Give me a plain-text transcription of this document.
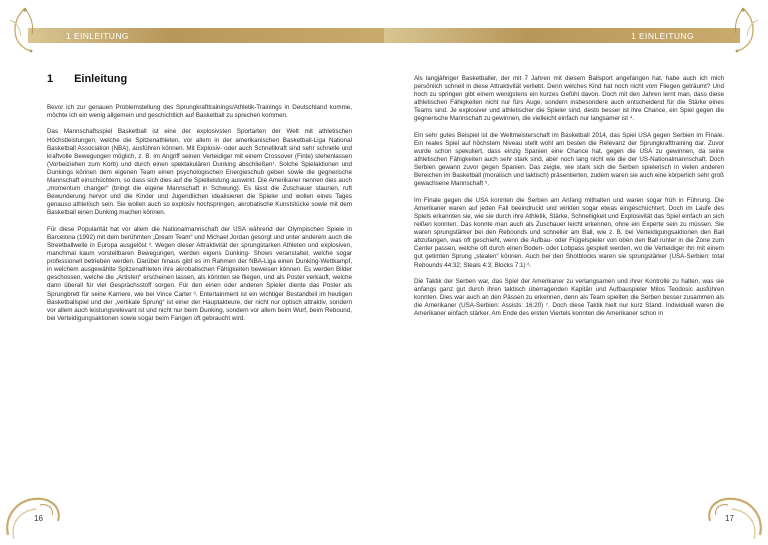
1 EINLEITUNG
1 Einleitung

Bevor ich zur genauen Problemstellung des Sprungkrafttrainings/Athletik-Trainings in Deutschland komme, möchte ich ein wenig allgemein und geschichtlich auf Basketball zu sprechen kommen.

Das Mannschaftsspiel Basketball ist eine der explosivsten Sportarten der Welt mit athletischen Höchstleistungen, welche die Spitzenathleten, vor allem in der amerikanischen Basketball-Liga National Basketball Association (NBA), ausführen können. Mit Explosiv- oder auch Schnellkraft sind sehr schnelle und kraftvolle Bewegungen möglich, z. B. im Angriff seinen Verteidiger mit einem Crossover (Finte) stehenlassen (Vorbeiziehen zum Korb) und durch einen spektakulären Dunking abschließen¹. Solche Spielaktionen und Dunkings können dem eigenen Team einen psychologischen Energieschub geben sowie die gegnerische Mannschaft einschüchtern, so dass sich dies auf die Spielleistung auswirkt. Die Amerikaner nennen dies auch „momentum changer“ (bringt die eigene Mannschaft in Schwung). Es lässt die Zuschauer staunen, ruft Bewunderung hervor und die Kinder und Jugendlichen idealisieren die Spieler und wollen eines Tages genauso athletisch sein. Sie wollen auch so explosiv hochspringen, akrobatische Kunststücke sowie mit dem Basketball einen Dunking machen können.

Für diese Popularität hat vor allem die Nationalmannschaft der USA während der Olympischen Spiele in Barcelona (1992) mit dem berühmten „Dream Team“ und Michael Jordan gesorgt und unter anderem auch die Streetballwelle in Europa ausgelöst ². Wegen dieser Attraktivität der sprungstarken Athleten und explosiven, manchmal kaum vorstellbaren Bewegungen, werden eigens Dunking- Shows veranstaltet, welche sogar professionell betrieben werden. Darüber hinaus gibt es im Rahmen der NBA-Liga einen Dunking-Wettkampf, in welchem ausgewählte Spitzenathleten ihre akrobatischen Fähigkeiten beweisen können. Es werden Bilder geschossen, welche die „Artisten“ erscheinen lassen, als könnten sie fliegen, und als Poster verkauft, welche dann überall für viel Gesprächsstoff sorgen. Für den einen oder anderen Spieler diente das Poster als Sprungbrett für seine Karriere, wie bei Vince Carter ³. Entertainment ist ein wichtiger Bestandteil im heutigen Basketballspiel und der „vertikale Sprung“ ist einer der Hauptakteure, der nicht nur optisch attraktiv, sondern vor allem auch leistungsrelevant ist und nicht nur beim Dunking, sondern vor allem beim Wurf, beim Rebound, bei Verteidigungsaktionen sowie sogar beim Fangen oft gebraucht wird.

16
1 EINLEITUNG

Als langjähriger Basketballer, der mit 7 Jahren mit diesem Ballsport angefangen hat, habe auch ich mich persönlich schnell in diese Attraktivität verliebt. Denn welches Kind hat noch nicht vom Fliegen geträumt? Und hoch zu springen gibt einem wenigstens ein kurzes Gefühl davon. Doch mit den Jahren lernt man, dass diese athletischen Fähigkeiten nicht nur fürs Auge, sondern insbesondere auch entscheidend für die Stärke eines Teams sind. Je explosiver und athletischer die Spieler sind, desto besser ist ihre Chance, ein Spiel gegen die gegnerische Mannschaft zu gewinnen, die vielleicht einfach nur langsamer ist ⁴.

Ein sehr gutes Beispiel ist die Weltmeisterschaft im Basketball 2014, das Spiel USA gegen Serbien im Finale. Ein reales Spiel auf höchstem Niveau stellt wohl am besten die Relevanz der Sprungkrafttraining dar. Zuvor wurde schon spekuliert, dass einzig Spanien eine Chance hat, gegen die USA zu gewinnen, da seine athletischen Fähigkeiten auch sehr stark sind, aber noch lang nicht wie die der US-Nationalmannschaft. Doch Serbien gewann zuvor gegen Spanien. Das zeigte, wie stark sich die Serben spielerisch in vielen anderen Bereichen im Basketball (moralisch und taktisch) präsentierten, zudem waren sie auch eine körperlich sehr groß gewachsene Mannschaft ⁵.

Im Finale gegen die USA konnten die Serben am Anfang mithalten und waren sogar früh in Führung. Die Amerikaner waren auf jeden Fall beeindruckt und wirkten sogar etwas eingeschüchtert. Doch im Laufe des Spiels erkannten sie, wie sie durch ihre Athletik, Stärke, Schnelligkeit und Explosivität das Spiel einfach an sich reißen konnten. Das konnte man auch als Zuschauer leicht erkennen, ohne ein Experte sein zu müssen. Sie waren sprungstärker bei den Rebounds und schneller am Ball, wie z. B. bei Verteidigungsaktionen den Ball abzufangen, was oft geschieht, wenn die Aufbau- oder Flügelspieler von oben den Ball runter in die Zone zum Center passen, welche oft durch einen Boden- oder Lobpass gespielt werden, wo die Verteidiger ihn mit einem gut getimten Sprung „stealen“ können. Auch bei den Shotblocks waren sie sprungstärker (USA-Serbien: total Rebounds 44:32; Steals 4:3; Blocks 7:1) ⁶.

Die Taktik der Serben war, das Spiel der Amerikaner zu verlangsamen und ihrer Kontrolle zu halten, was sie anfangs ganz gut durch ihren taktisch überragenden Kapitän und Aufbauspieler Milos Teodosic ausführen konnten. Dies war auch an den Pässen zu erkennen, denn als Team spielten die Serben besser zusammen als die Amerikaner (USA-Serbien: Assists: 16:20) ⁷. Doch diese Taktik hielt nur kurz Stand. Individuell waren die Amerikaner einfach stärker. Am Ende des ersten Viertels konnten die Amerikaner schon in

17
